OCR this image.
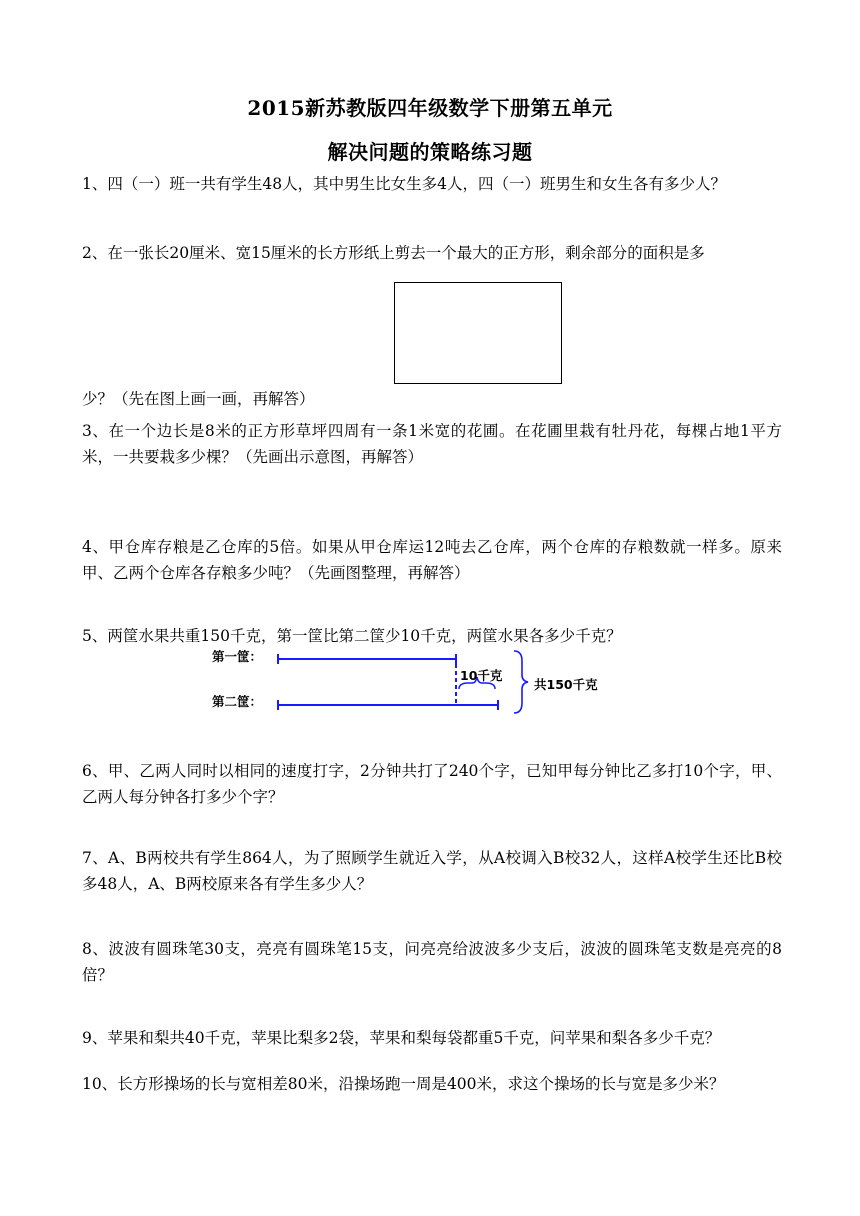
2015新苏教版四年级数学下册第五单元
解决问题的策略练习题
1、四（一）班一共有学生48人，其中男生比女生多4人，四（一）班男生和女生各有多少人？
2、在一张长20厘米、宽15厘米的长方形纸上剪去一个最大的正方形，剩余部分的面积是多
少？（先在图上画一画，再解答）
3、在一个边长是8米的正方形草坪四周有一条1米宽的花圃。在花圃里栽有牡丹花，每棵占地1平方米，一共要栽多少棵？（先画出示意图，再解答）
4、甲仓库存粮是乙仓库的5倍。如果从甲仓库运12吨去乙仓库，两个仓库的存粮数就一样多。原来甲、乙两个仓库各存粮多少吨？（先画图整理，再解答）
5、两筐水果共重150千克，第一筐比第二筐少10千克，两筐水果各多少千克？
第一筐：
第二筐：
10千克
共150千克
6、甲、乙两人同时以相同的速度打字，2分钟共打了240个字，已知甲每分钟比乙多打10个字，甲、乙两人每分钟各打多少个字？
7、A、B两校共有学生864人，为了照顾学生就近入学，从A校调入B校32人，这样A校学生还比B校多48人，A、B两校原来各有学生多少人？
8、波波有圆珠笔30支，亮亮有圆珠笔15支，问亮亮给波波多少支后，波波的圆珠笔支数是亮亮的8倍？
9、苹果和梨共40千克，苹果比梨多2袋，苹果和梨每袋都重5千克，问苹果和梨各多少千克？
10、长方形操场的长与宽相差80米，沿操场跑一周是400米，求这个操场的长与宽是多少米？
